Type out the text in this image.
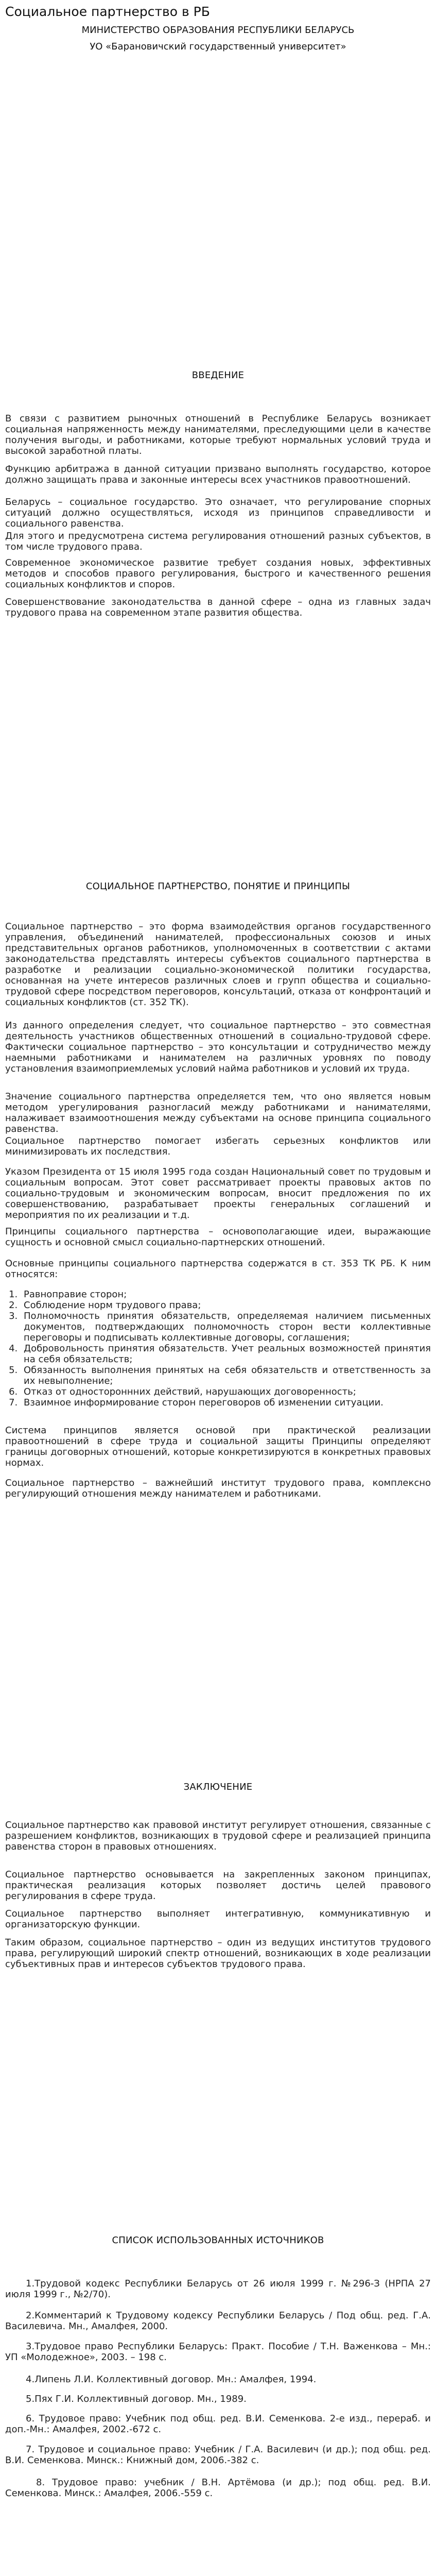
Социальное партнерство в РБ
МИНИСТЕРСТВО ОБРАЗОВАНИЯ РЕСПУБЛИКИ БЕЛАРУСЬ
УО «Барановичский государственный университет»
ВВЕДЕНИЕ

В связи с развитием рыночных отношений в Республике Беларусь возникает социальная напряженность между нанимателями, преследующими цели в качестве получения выгоды, и работниками, которые требуют нормальных условий труда и высокой заработной платы.

Функцию арбитража в данной ситуации призвано выполнять государство, которое должно защищать права и законные интересы всех участников правоотношений.

Беларусь – социальное государство. Это означает, что регулирование спорных ситуаций должно осуществляться, исходя из принципов справедливости и социального равенства.

Для этого и предусмотрена система регулирования отношений разных субъектов, в том числе трудового права.

Современное экономическое развитие требует создания новых, эффективных методов и способов правого регулирования, быстрого и качественного решения социальных конфликтов и споров.

Совершенствование законодательства в данной сфере – одна из главных задач трудового права на современном этапе развития общества.

СОЦИАЛЬНОЕ ПАРТНЕРСТВО, ПОНЯТИЕ И ПРИНЦИПЫ

Социальное партнерство – это форма взаимодействия органов государственного управления, объединений нанимателей, профессиональных союзов и иных представительных органов работников, уполномоченных в соответствии с актами законодательства представлять интересы субъектов социального партнерства в разработке и реализации социально-экономической политики государства, основанная на учете интересов различных слоев и групп общества и социально-трудовой сфере посредством переговоров, консультаций, отказа от конфронтаций и социальных конфликтов (ст. 352 ТК).

Из данного определения следует, что социальное партнерство – это совместная деятельность участников общественных отношений в социально-трудовой сфере. Фактически социальное партнерство – это консультации и сотрудничество между наемными работниками и нанимателем на различных уровнях по поводу установления взаимоприемлемых условий найма работников и условий их труда.

Значение социального партнерства определяется тем, что оно является новым методом урегулирования разногласий между работниками и нанимателями, налаживает взаимоотношения между субъектами на основе принципа социального равенства.

Социальное партнерство помогает избегать серьезных конфликтов или минимизировать их последствия.

Указом Президента от 15 июля 1995 года создан Национальный совет по трудовым и социальным вопросам. Этот совет рассматривает проекты правовых актов по социально-трудовым и экономическим вопросам, вносит предложения по их совершенствованию, разрабатывает проекты генеральных соглашений и мероприятия по их реализации и т.д.

Принципы социального партнерства – основополагающие идеи, выражающие сущность и основной смысл социально-партнерских отношений.

Основные принципы социального партнерства содержатся в ст. 353 ТК РБ. К ним относятся:

1. Равноправие сторон;
2. Соблюдение норм трудового права;
3. Полномочность принятия обязательств, определяемая наличием письменных документов, подтверждающих полномочность сторон вести коллективные переговоры и подписывать коллективные договоры, соглашения;
4. Добровольность принятия обязательств. Учет реальных возможностей принятия на себя обязательств;
5. Обязанность выполнения принятых на себя обязательств и ответственность за их невыполнение;
6. Отказ от одностороннних действий, нарушающих договоренность;
7. Взаимное информирование сторон переговоров об изменении ситуации.

Система принципов является основой при практической реализации правоотношений в сфере труда и социальной защиты Принципы определяют границы договорных отношений, которые конкретизируются в конкретных правовых нормах.

Социальное партнерство – важнейший институт трудового права, комплексно регулирующий отношения между нанимателем и работниками.

ЗАКЛЮЧЕНИЕ

Социальное партнерство как правовой институт регулирует отношения, связанные с разрешением конфликтов, возникающих в трудовой сфере и реализацией принципа равенства сторон в правовых отношениях.

Социальное партнерство основывается на закрепленных законом принципах, практическая реализация которых позволяет достичь целей правового регулирования в сфере труда.

Социальное партнерство выполняет интегративную, коммуникативную и организаторскую функции.

Таким образом, социальное партнерство – один из ведущих институтов трудового права, регулирующий широкий спектр отношений, возникающих в ходе реализации субъективных прав и интересов субъектов трудового права.

СПИСОК ИСПОЛЬЗОВАННЫХ ИСТОЧНИКОВ

1.Трудовой кодекс Республики Беларусь от 26 июля 1999 г. №296-З (НРПА 27 июля 1999 г., №2/70).

2.Комментарий к Трудовому кодексу Республики Беларусь / Под общ. ред. Г.А. Василевича. Мн., Амалфея, 2000.

3.Трудовое право Республики Беларусь: Практ. Пособие / Т.Н. Важенкова – Мн.: УП «Молодежное», 2003. – 198 с.

4.Липень Л.И. Коллективный договор. Мн.: Амалфея, 1994.

5.Пях Г.И. Коллективный договор. Мн., 1989.

6. Трудовое право: Учебник под общ. ред. В.И. Семенкова. 2-е изд., перераб. и доп.-Мн.: Амалфея, 2002.-672 с.

7. Трудовое и социальное право: Учебник / Г.А. Василевич (и др.); под общ. ред. В.И. Семенкова. Минск.: Книжный дом, 2006.-382 с.

8. Трудовое право: учебник / В.Н. Артёмова (и др.); под общ. ред. В.И. Семенкова. Минск.: Амалфея, 2006.-559 с.
